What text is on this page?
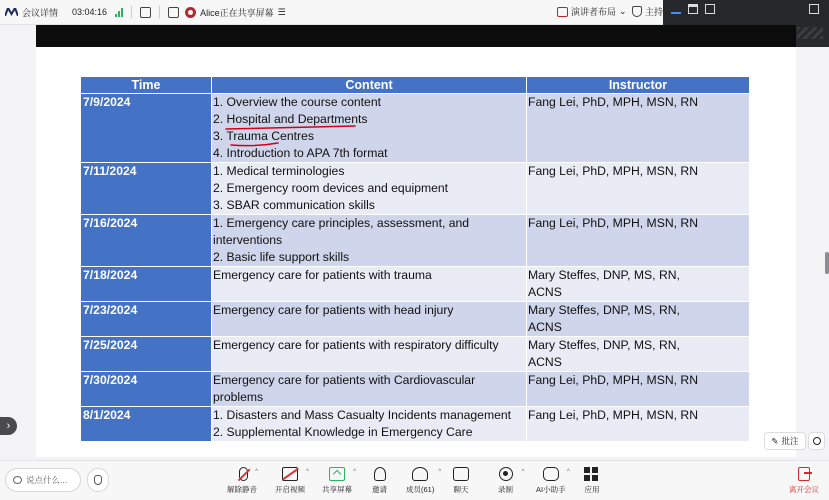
会议详情 03:04:16	Alice正在共享屏幕 ☰	演讲者布局 ⌄ 主持
Time	Content	Instructor
7/9/2024	1. Overview the course content
2. Hospital and Departments
3. Trauma Centres
4. Introduction to APA 7th format	Fang Lei, PhD, MPH, MSN, RN

7/11/2024	1. Medical terminologies
2. Emergency room devices and equipment
3. SBAR communication skills	Fang Lei, PhD, MPH, MSN, RN

7/16/2024	1. Emergency care principles, assessment, and
interventions
2. Basic life support skills	Fang Lei, PhD, MPH, MSN, RN

7/18/2024	Emergency care for patients with trauma	Mary Steffes, DNP, MS, RN,
ACNS

7/23/2024	Emergency care for patients with head injury	Mary Steffes, DNP, MS, RN,
ACNS

7/25/2024	Emergency care for patients with respiratory difficulty	Mary Steffes, DNP, MS, RN,
ACNS

7/30/2024	Emergency care for patients with Cardiovascular
problems	Fang Lei, PhD, MPH, MSN, RN

8/1/2024	1. Disasters and Mass Casualty Incidents management
2. Supplemental Knowledge in Emergency Care	Fang Lei, PhD, MPH, MSN, RN
›
✎ 批注
说点什么...
^
解除静音
^
开启视频
^
共享屏幕	邀请
^
成员(61)	聊天
^
录制
^
AI小助手	应用	离开会议
